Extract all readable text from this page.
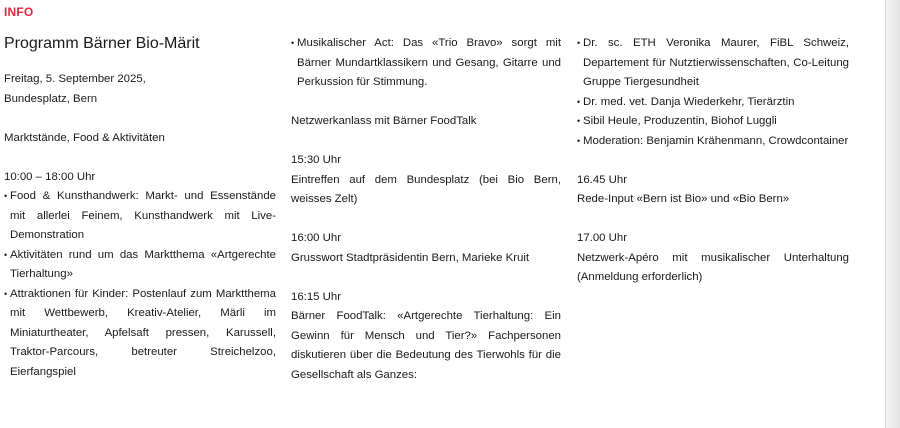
INFO
Programm Bärner Bio-Märit

Freitag, 5. September 2025,

Bundesplatz, Bern

Marktstände, Food & Aktivitäten

10:00 – 18:00 Uhr

• Food & Kunsthandwerk: Markt- und Essenstände mit allerlei Feinem, Kunsthandwerk mit Live-Demonstration
• Aktivitäten rund um das Marktthema «Artgerechte Tierhaltung»
• Attraktionen für Kinder: Postenlauf zum Marktthema mit Wettbewerb, Kreativ-Atelier, Märli im Miniaturtheater, Apfelsaft pressen, Karussell, Traktor-Parcours, betreuter Streichelzoo, Eierfangspiel
• Musikalischer Act: Das «Trio Bravo» sorgt mit Bärner Mundartklassikern und Gesang, Gitarre und Perkussion für Stimmung.

Netzwerkanlass mit Bärner FoodTalk

15:30 Uhr

Eintreffen auf dem Bundesplatz (bei Bio Bern, weisses Zelt)

16:00 Uhr

Grusswort Stadtpräsidentin Bern, Marieke Kruit

16:15 Uhr

Bärner FoodTalk: «Artgerechte Tierhaltung: Ein Gewinn für Mensch und Tier?» Fachpersonen diskutieren über die Bedeutung des Tierwohls für die Gesellschaft als Ganzes:

• Dr. sc. ETH Veronika Maurer, FiBL Schweiz, Departement für Nutztierwissenschaften, Co-Leitung Gruppe Tiergesundheit
• Dr. med. vet. Danja Wiederkehr, Tierärztin
• Sibil Heule, Produzentin, Biohof Luggli
• Moderation: Benjamin Krähenmann, Crowdcontainer

16.45 Uhr

Rede-Input «Bern ist Bio» und «Bio Bern»

17.00 Uhr

Netzwerk-Apéro mit musikalischer Unterhaltung (Anmeldung erforderlich)
